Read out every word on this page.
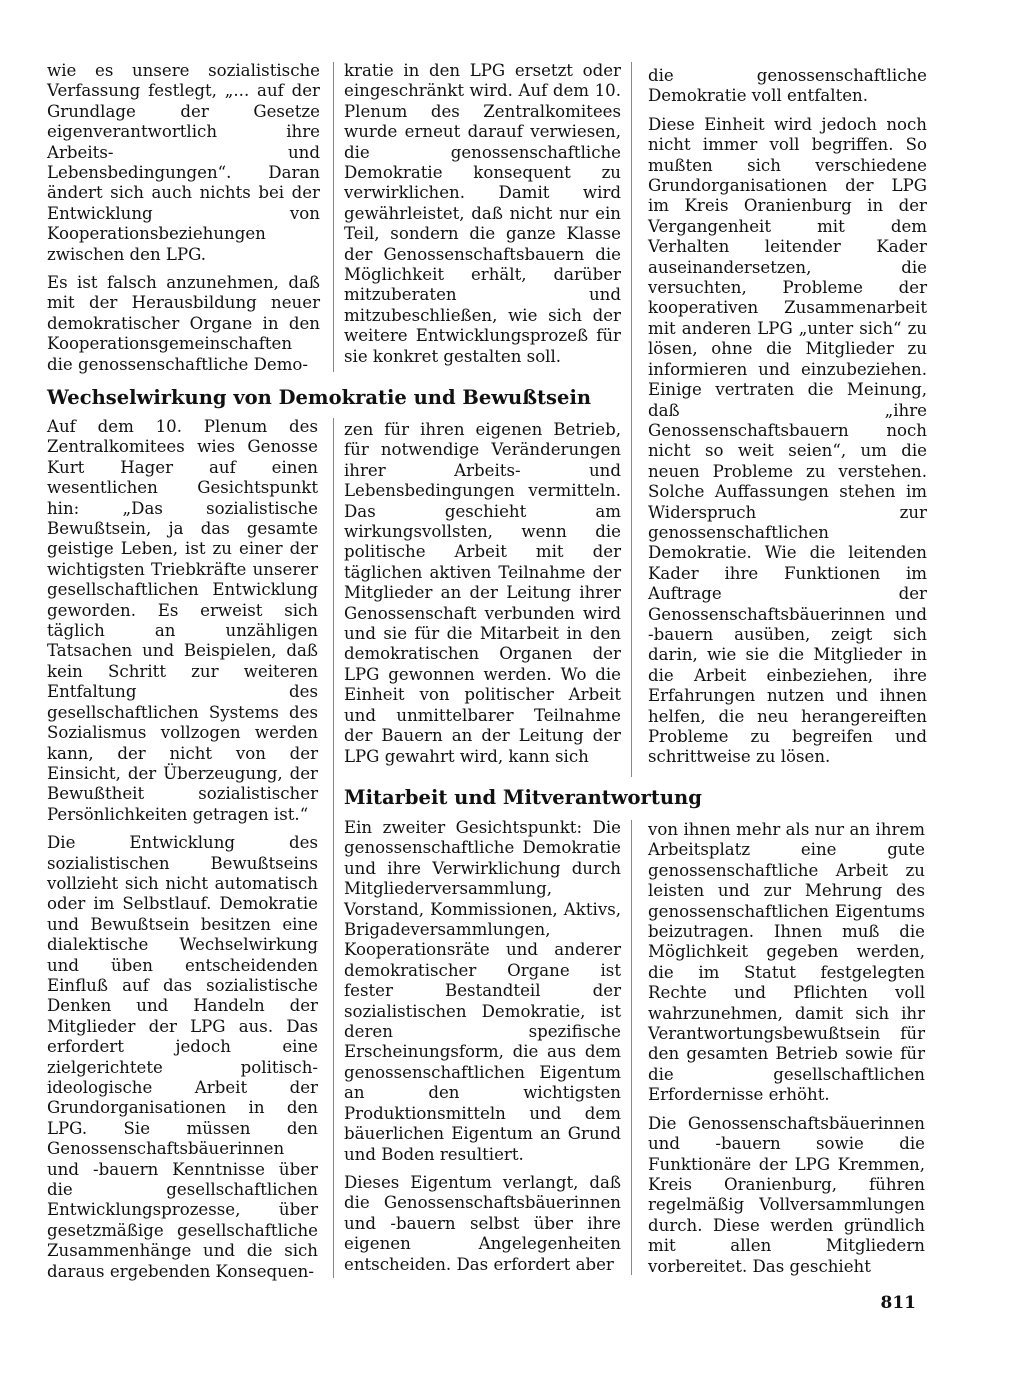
wie es unsere sozialistische Verfassung festlegt, „... auf der Grundlage der Gesetze eigenverantwortlich ihre Arbeits- und Lebensbedingungen“. Daran ändert sich auch nichts bei der Entwicklung von Kooperationsbeziehungen zwischen den LPG.

Es ist falsch anzunehmen, daß mit der Herausbildung neuer demokratischer Organe in den Kooperationsgemeinschaften die genossenschaftliche Demo-

kratie in den LPG ersetzt oder eingeschränkt wird. Auf dem 10. Plenum des Zentralkomitees wurde erneut darauf verwiesen, die genossenschaftliche Demokratie konsequent zu verwirklichen. Damit wird gewährleistet, daß nicht nur ein Teil, sondern die ganze Klasse der Genossenschaftsbauern die Möglichkeit erhält, darüber mitzuberaten und mitzubeschließen, wie sich der weitere Entwicklungsprozeß für sie konkret gestalten soll.

die genossenschaftliche Demokratie voll entfalten.

Diese Einheit wird jedoch noch nicht immer voll begriffen. So mußten sich verschiedene Grundorganisationen der LPG im Kreis Oranienburg in der Vergangenheit mit dem Verhalten leitender Kader auseinandersetzen, die versuchten, Probleme der kooperativen Zusammenarbeit mit anderen LPG „unter sich“ zu lösen, ohne die Mitglieder zu informieren und einzubeziehen. Einige vertraten die Meinung, daß „ihre Genossenschaftsbauern noch nicht so weit seien“, um die neuen Probleme zu verstehen. Solche Auffassungen stehen im Widerspruch zur genossenschaftlichen Demokratie. Wie die leitenden Kader ihre Funktionen im Auftrage der Genossenschaftsbäuerinnen und -bauern ausüben, zeigt sich darin, wie sie die Mitglieder in die Arbeit einbeziehen, ihre Erfahrungen nutzen und ihnen helfen, die neu herangereiften Probleme zu begreifen und schrittweise zu lösen.

Wechselwirkung von Demokratie und Bewußtsein

Auf dem 10. Plenum des Zentralkomitees wies Genosse Kurt Hager auf einen wesentlichen Gesichtspunkt hin: „Das sozialistische Bewußtsein, ja das gesamte geistige Leben, ist zu einer der wichtigsten Triebkräfte unserer gesellschaftlichen Entwicklung geworden. Es erweist sich täglich an unzähligen Tatsachen und Beispielen, daß kein Schritt zur weiteren Entfaltung des gesellschaftlichen Systems des Sozialismus vollzogen werden kann, der nicht von der Einsicht, der Überzeugung, der Bewußtheit sozialistischer Persönlichkeiten getragen ist.“

Die Entwicklung des sozialistischen Bewußtseins vollzieht sich nicht automatisch oder im Selbstlauf. Demokratie und Bewußtsein besitzen eine dialektische Wechselwirkung und üben entscheidenden Einfluß auf das sozialistische Denken und Handeln der Mitglieder der LPG aus. Das erfordert jedoch eine zielgerichtete politisch-ideologische Arbeit der Grundorganisationen in den LPG. Sie müssen den Genossenschaftsbäuerinnen und -bauern Kenntnisse über die gesellschaftlichen Entwicklungsprozesse, über gesetzmäßige gesellschaftliche Zusammenhänge und die sich daraus ergebenden Konsequen-

zen für ihren eigenen Betrieb, für notwendige Veränderungen ihrer Arbeits- und Lebensbedingungen vermitteln. Das geschieht am wirkungsvollsten, wenn die politische Arbeit mit der täglichen aktiven Teilnahme der Mitglieder an der Leitung ihrer Genossenschaft verbunden wird und sie für die Mitarbeit in den demokratischen Organen der LPG gewonnen werden. Wo die Einheit von politischer Arbeit und unmittelbarer Teilnahme der Bauern an der Leitung der LPG gewahrt wird, kann sich

Mitarbeit und Mitverantwortung

Ein zweiter Gesichtspunkt: Die genossenschaftliche Demokratie und ihre Verwirklichung durch Mitgliederversammlung, Vorstand, Kommissionen, Aktivs, Brigadeversammlungen, Kooperationsräte und anderer demokratischer Organe ist fester Bestandteil der sozialistischen Demokratie, ist deren spezifische Erscheinungsform, die aus dem genossenschaftlichen Eigentum an den wichtigsten Produktionsmitteln und dem bäuerlichen Eigentum an Grund und Boden resultiert.

Dieses Eigentum verlangt, daß die Genossenschaftsbäuerinnen und -bauern selbst über ihre eigenen Angelegenheiten entscheiden. Das erfordert aber

von ihnen mehr als nur an ihrem Arbeitsplatz eine gute genossenschaftliche Arbeit zu leisten und zur Mehrung des genossenschaftlichen Eigentums beizutragen. Ihnen muß die Möglichkeit gegeben werden, die im Statut festgelegten Rechte und Pflichten voll wahrzunehmen, damit sich ihr Verantwortungsbewußtsein für den gesamten Betrieb sowie für die gesellschaftlichen Erfordernisse erhöht.

Die Genossenschaftsbäuerinnen und -bauern sowie die Funktionäre der LPG Kremmen, Kreis Oranienburg, führen regelmäßig Vollversammlungen durch. Diese werden gründlich mit allen Mitgliedern vorbereitet. Das geschieht

811
